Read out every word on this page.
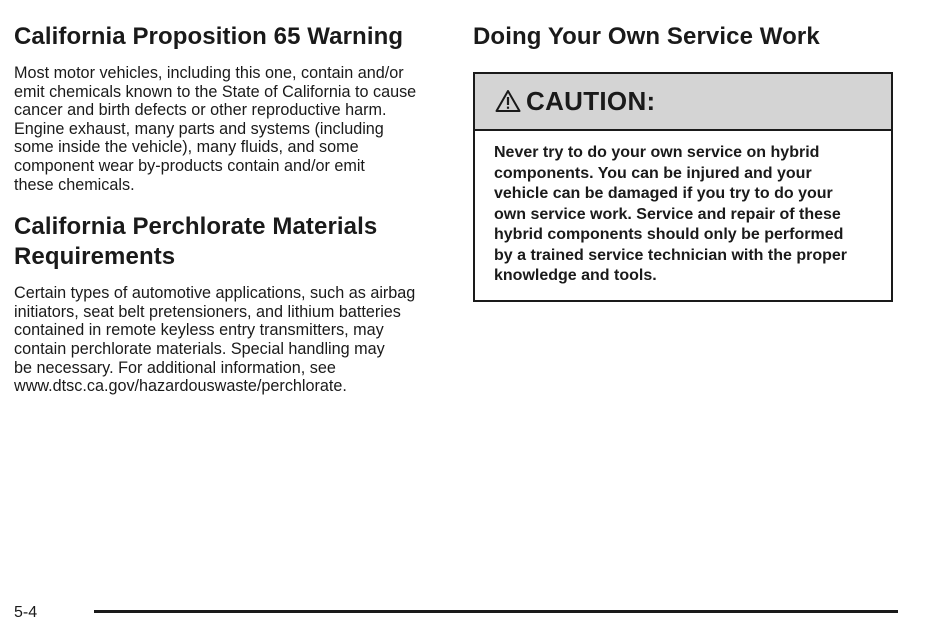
California Proposition 65 Warning

Most motor vehicles, including this one, contain and/or
emit chemicals known to the State of California to cause
cancer and birth defects or other reproductive harm.
Engine exhaust, many parts and systems (including
some inside the vehicle), many fluids, and some
component wear by-products contain and/or emit
these chemicals.

California Perchlorate Materials
Requirements

Certain types of automotive applications, such as airbag
initiators, seat belt pretensioners, and lithium batteries
contained in remote keyless entry transmitters, may
contain perchlorate materials. Special handling may
be necessary. For additional information, see
www.dtsc.ca.gov/hazardouswaste/perchlorate.

Doing Your Own Service Work
CAUTION:
Never try to do your own service on hybrid
components. You can be injured and your
vehicle can be damaged if you try to do your
own service work. Service and repair of these
hybrid components should only be performed
by a trained service technician with the proper
knowledge and tools.
5-4
